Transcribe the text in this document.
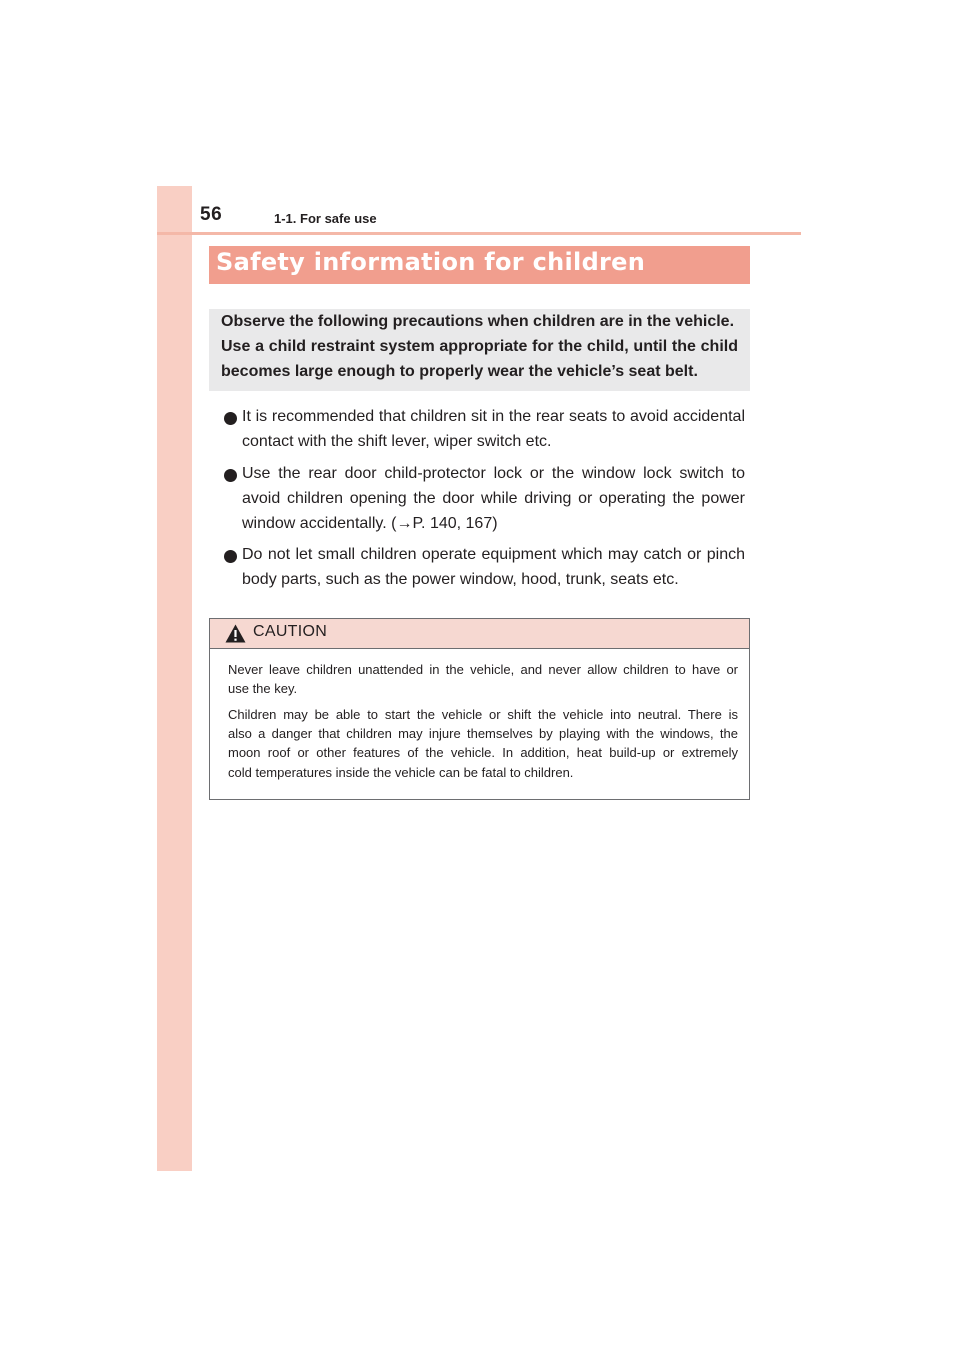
56	1-1. For safe use
Safety information for children
Observe the following precautions when children are in the vehicle.
Use a child restraint system appropriate for the child, until the child
becomes large enough to properly wear the vehicle’s seat belt.
It is recommended that children sit in the rear seats to avoid accidental
contact with the shift lever, wiper switch etc.
Use the rear door child-protector lock or the window lock switch to
avoid children opening the door while driving or operating the power
window accidentally. (→P. 140, 167)
Do not let small children operate equipment which may catch or pinch
body parts, such as the power window, hood, trunk, seats etc.
CAUTION
Never leave children unattended in the vehicle, and never allow children to have or
use the key.
Children may be able to start the vehicle or shift the vehicle into neutral. There is
also a danger that children may injure themselves by playing with the windows, the
moon roof or other features of the vehicle. In addition, heat build-up or extremely
cold temperatures inside the vehicle can be fatal to children.
